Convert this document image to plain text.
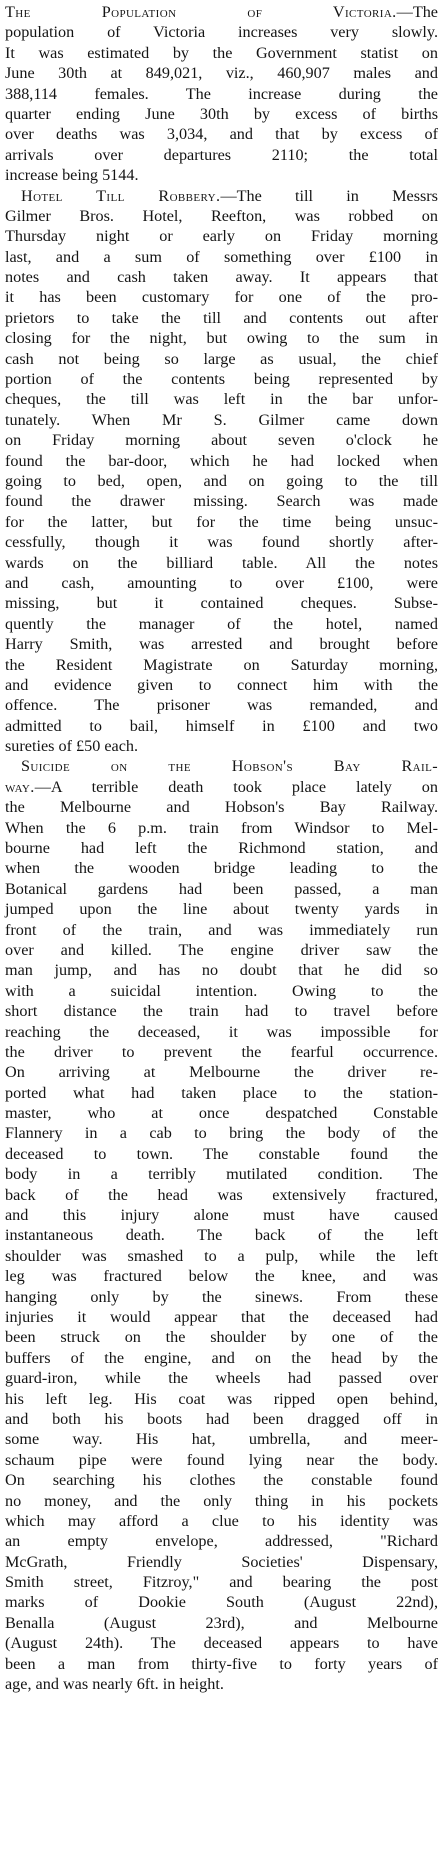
The Population of Victoria.—The
population of Victoria increases very slowly.
It was estimated by the Government statist on
June 30th at 849,021, viz., 460,907 males and
388,114 females. The increase during the
quarter ending June 30th by excess of births
over deaths was 3,034, and that by excess of
arrivals over departures 2110; the total
increase being 5144.
Hotel Till Robbery.—The till in Messrs
Gilmer Bros. Hotel, Reefton, was robbed on
Thursday night or early on Friday morning
last, and a sum of something over £100 in
notes and cash taken away. It appears that
it has been customary for one of the pro-
prietors to take the till and contents out after
closing for the night, but owing to the sum in
cash not being so large as usual, the chief
portion of the contents being represented by
cheques, the till was left in the bar unfor-
tunately. When Mr S. Gilmer came down
on Friday morning about seven o'clock he
found the bar-door, which he had locked when
going to bed, open, and on going to the till
found the drawer missing. Search was made
for the latter, but for the time being unsuc-
cessfully, though it was found shortly after-
wards on the billiard table. All the notes
and cash, amounting to over £100, were
missing, but it contained cheques. Subse-
quently the manager of the hotel, named
Harry Smith, was arrested and brought before
the Resident Magistrate on Saturday morning,
and evidence given to connect him with the
offence. The prisoner was remanded, and
admitted to bail, himself in £100 and two
sureties of £50 each.
Suicide on the Hobson's Bay Rail-
way.—A terrible death took place lately on
the Melbourne and Hobson's Bay Railway.
When the 6 p.m. train from Windsor to Mel-
bourne had left the Richmond station, and
when the wooden bridge leading to the
Botanical gardens had been passed, a man
jumped upon the line about twenty yards in
front of the train, and was immediately run
over and killed. The engine driver saw the
man jump, and has no doubt that he did so
with a suicidal intention. Owing to the
short distance the train had to travel before
reaching the deceased, it was impossible for
the driver to prevent the fearful occurrence.
On arriving at Melbourne the driver re-
ported what had taken place to the station-
master, who at once despatched Constable
Flannery in a cab to bring the body of the
deceased to town. The constable found the
body in a terribly mutilated condition. The
back of the head was extensively fractured,
and this injury alone must have caused
instantaneous death. The back of the left
shoulder was smashed to a pulp, while the left
leg was fractured below the knee, and was
hanging only by the sinews. From these
injuries it would appear that the deceased had
been struck on the shoulder by one of the
buffers of the engine, and on the head by the
guard-iron, while the wheels had passed over
his left leg. His coat was ripped open behind,
and both his boots had been dragged off in
some way. His hat, umbrella, and meer-
schaum pipe were found lying near the body.
On searching his clothes the constable found
no money, and the only thing in his pockets
which may afford a clue to his identity was
an empty envelope, addressed, "Richard
McGrath, Friendly Societies' Dispensary,
Smith street, Fitzroy," and bearing the post
marks of Dookie South (August 22nd),
Benalla (August 23rd), and Melbourne
(August 24th). The deceased appears to have
been a man from thirty-five to forty years of
age, and was nearly 6ft. in height.
